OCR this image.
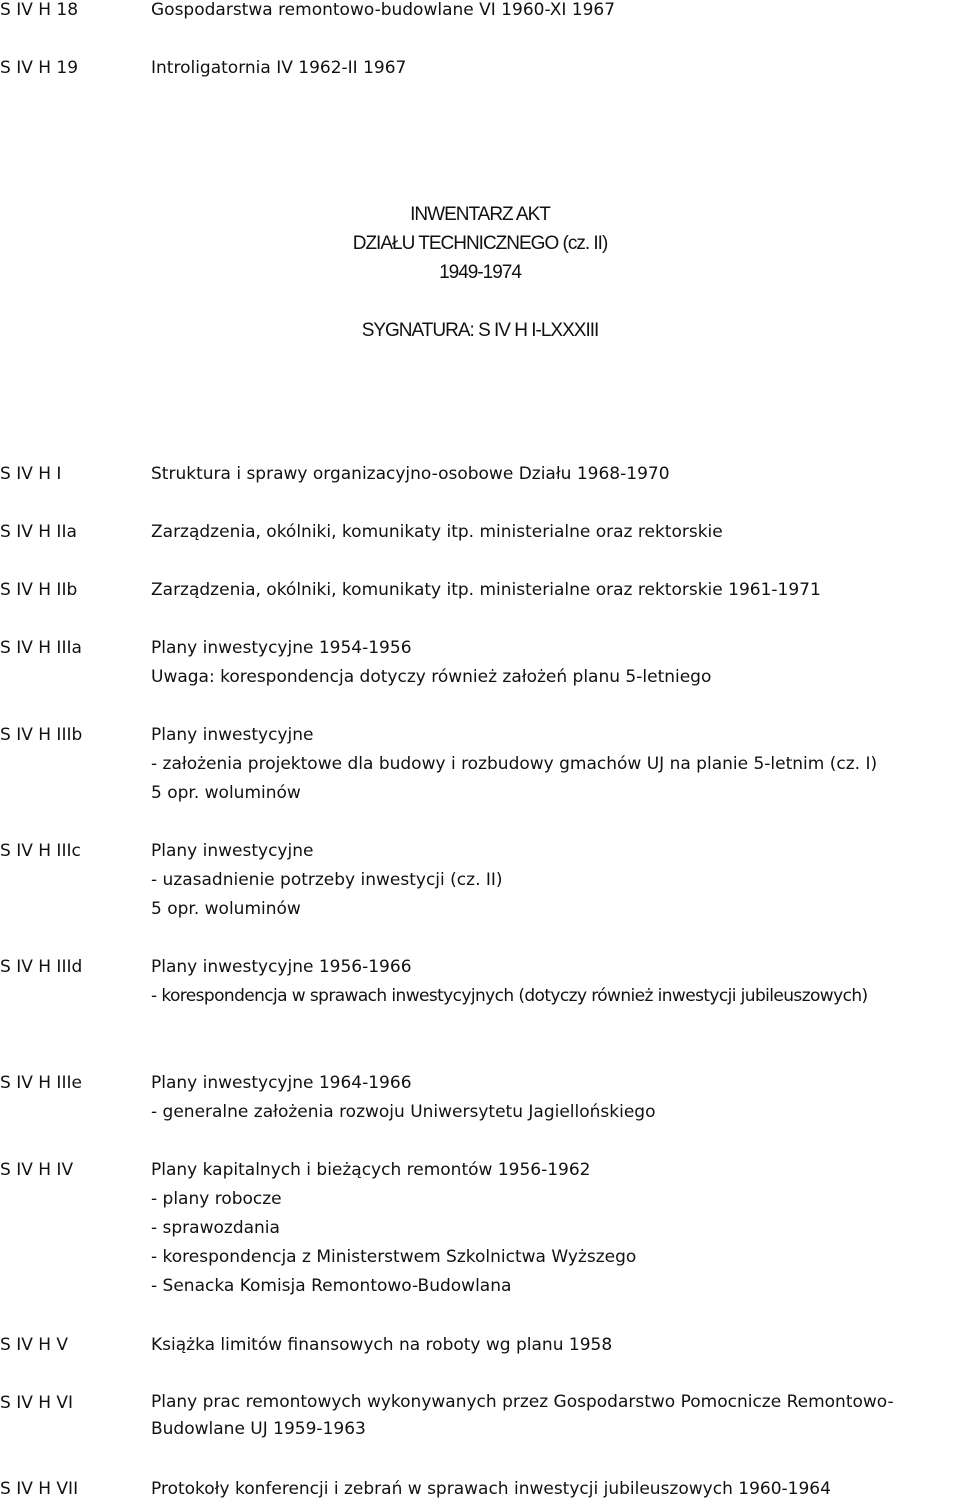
S IV H 18	Gospodarstwa remontowo-budowlane VI 1960-XI 1967
S IV H 19	Introligatornia IV 1962-II 1967
INWENTARZ AKT
DZIAŁU TECHNICZNEGO (cz. II)
1949-1974
SYGNATURA: S IV H I-LXXXIII
S IV H I	Struktura i sprawy organizacyjno-osobowe Działu 1968-1970
S IV H IIa	Zarządzenia, okólniki, komunikaty itp. ministerialne oraz rektorskie
S IV H IIb	Zarządzenia, okólniki, komunikaty itp. ministerialne oraz rektorskie 1961-1971
S IV H IIIa	Plany inwestycyjne 1954-1956
Uwaga: korespondencja dotyczy również założeń planu 5-letniego
S IV H IIIb	Plany inwestycyjne
- założenia projektowe dla budowy i rozbudowy gmachów UJ na planie 5-letnim (cz. I)
5 opr. woluminów
S IV H IIIc	Plany inwestycyjne
- uzasadnienie potrzeby inwestycji (cz. II)
5 opr. woluminów
S IV H IIId	Plany inwestycyjne 1956-1966
- korespondencja w sprawach inwestycyjnych (dotyczy również inwestycji jubileuszowych)
S IV H IIIe	Plany inwestycyjne 1964-1966
- generalne założenia rozwoju Uniwersytetu Jagiellońskiego
S IV H IV	Plany kapitalnych i bieżących remontów 1956-1962
- plany robocze
- sprawozdania
- korespondencja z Ministerstwem Szkolnictwa Wyższego
- Senacka Komisja Remontowo-Budowlana
S IV H V	Książka limitów finansowych na roboty wg planu 1958
S IV H VI	Plany prac remontowych wykonywanych przez Gospodarstwo Pomocnicze Remontowo-
Budowlane UJ 1959-1963
S IV H VII	Protokoły konferencji i zebrań w sprawach inwestycji jubileuszowych 1960-1964
